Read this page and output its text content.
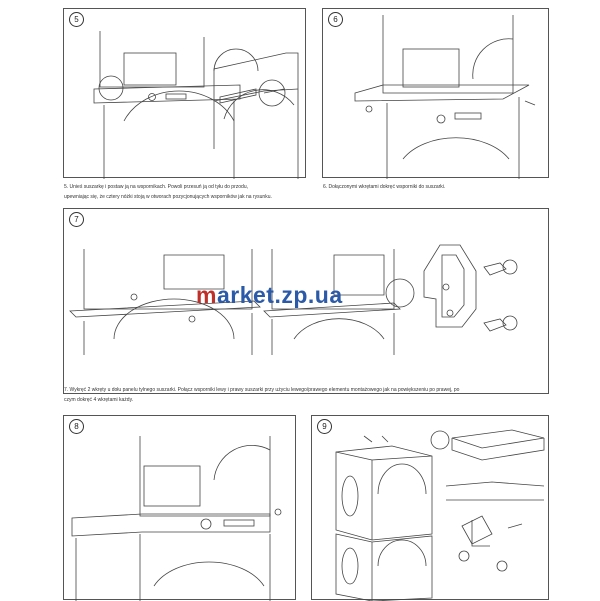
5
5. Unieś suszarkę i postaw ją na wspornikach. Powoli przesuń ją od tyłu do przodu,
upewniając się, że cztery nóżki stoją w otworach pozycjonujących wsporników jak na rysunku.
6
6. Dołączonymi wkrętami dokręć wsporniki do suszarki.
7
7. Wykręć 2 wkręty u dołu panelu tylnego suszarki. Połącz wsporniki lewy i prawy suszarki przy użyciu lewego/prawego elementu montażowego jak na powiększeniu po prawej, po
czym dokręć 4 wkrętami każdy.
8	9
market.zp.ua
